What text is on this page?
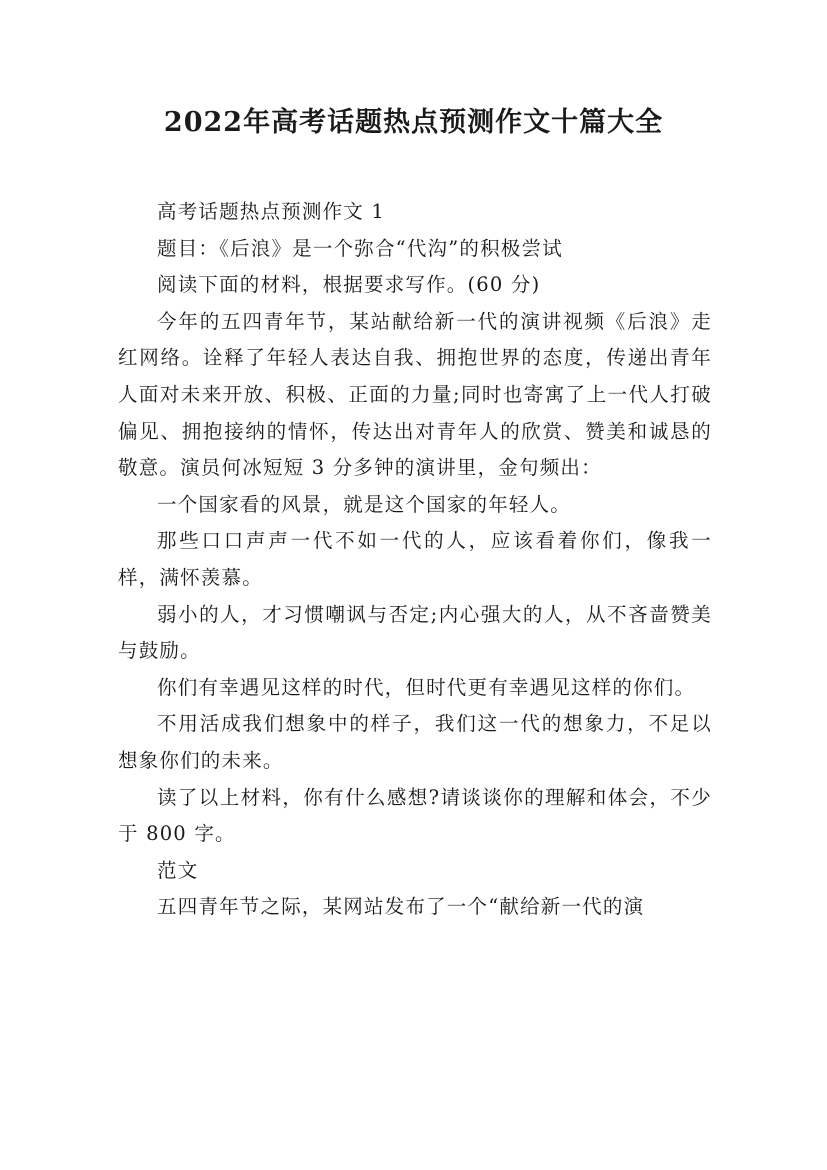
2022年高考话题热点预测作文十篇大全

高考话题热点预测作文 1

题目：《后浪》是一个弥合“代沟”的积极尝试

阅读下面的材料，根据要求写作。(60 分)

今年的五四青年节，某站献给新一代的演讲视频《后浪》走红网络。诠释了年轻人表达自我、拥抱世界的态度，传递出青年人面对未来开放、积极、正面的力量;同时也寄寓了上一代人打破偏见、拥抱接纳的情怀，传达出对青年人的欣赏、赞美和诚恳的敬意。演员何冰短短 3 分多钟的演讲里，金句频出：

一个国家看的风景，就是这个国家的年轻人。

那些口口声声一代不如一代的人，应该看着你们，像我一样，满怀羡慕。

弱小的人，才习惯嘲讽与否定;内心强大的人，从不吝啬赞美与鼓励。

你们有幸遇见这样的时代，但时代更有幸遇见这样的你们。

不用活成我们想象中的样子，我们这一代的想象力，不足以想象你们的未来。

读了以上材料，你有什么感想?请谈谈你的理解和体会，不少于 800 字。

范文

五四青年节之际，某网站发布了一个“献给新一代的演
